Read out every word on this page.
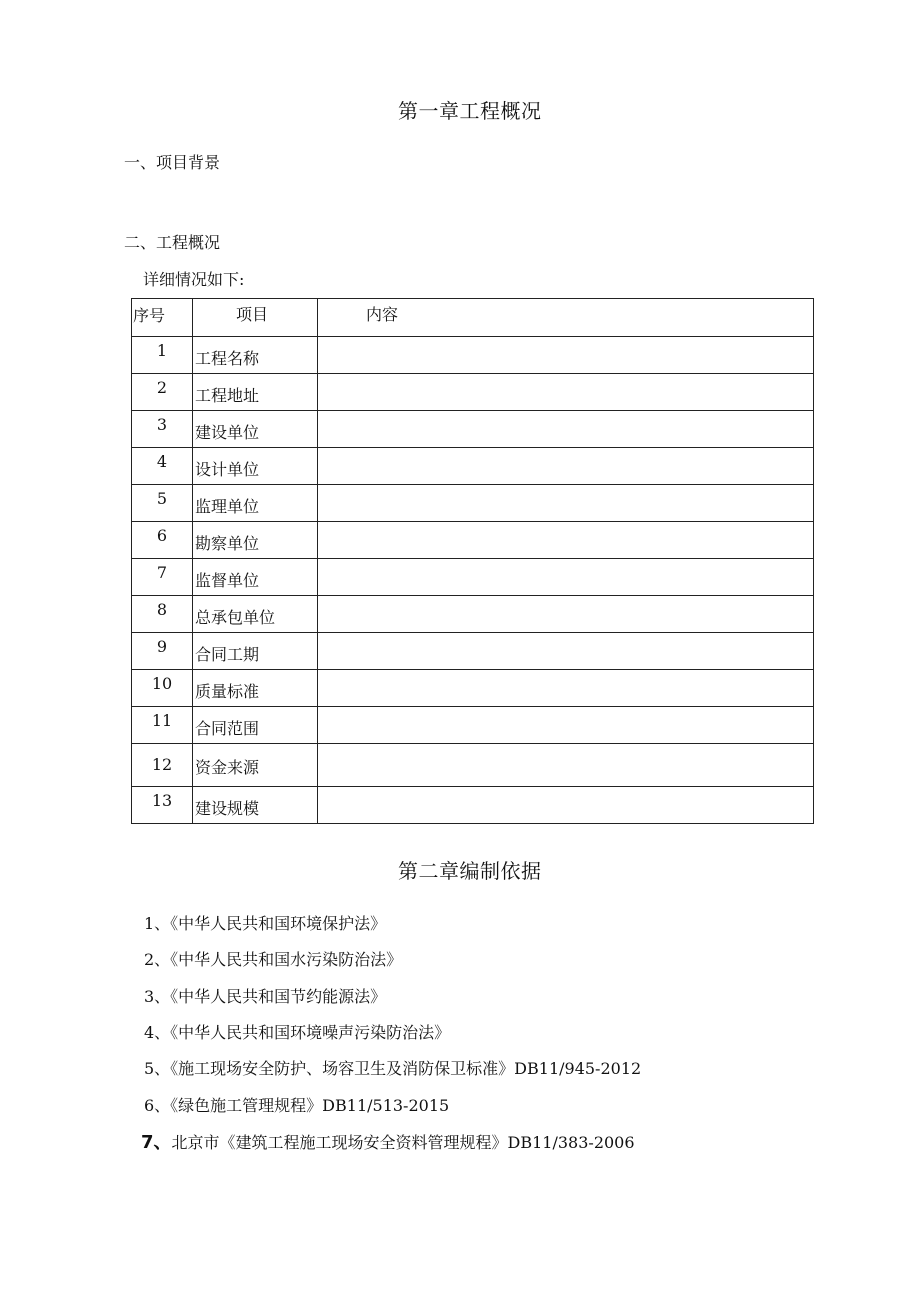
第一章工程概况
一、项目背景
二、工程概况
详细情况如下:
序号	项目	内容

1	工程名称	

2	工程地址	

3	建设单位	

4	设计单位	

5	监理单位	

6	勘察单位	

7	监督单位	

8	总承包单位	

9	合同工期	

10	质量标准	

11	合同范围	

12	资金来源	

13	建设规模	

第二章编制依据
1、《中华人民共和国环境保护法》
2、《中华人民共和国水污染防治法》
3、《中华人民共和国节约能源法》
4、《中华人民共和国环境噪声污染防治法》
5、《施工现场安全防护、场容卫生及消防保卫标准》DB11/945-2012
6、《绿色施工管理规程》DB11/513-2015
7、北京市《建筑工程施工现场安全资料管理规程》DB11/383-2006
